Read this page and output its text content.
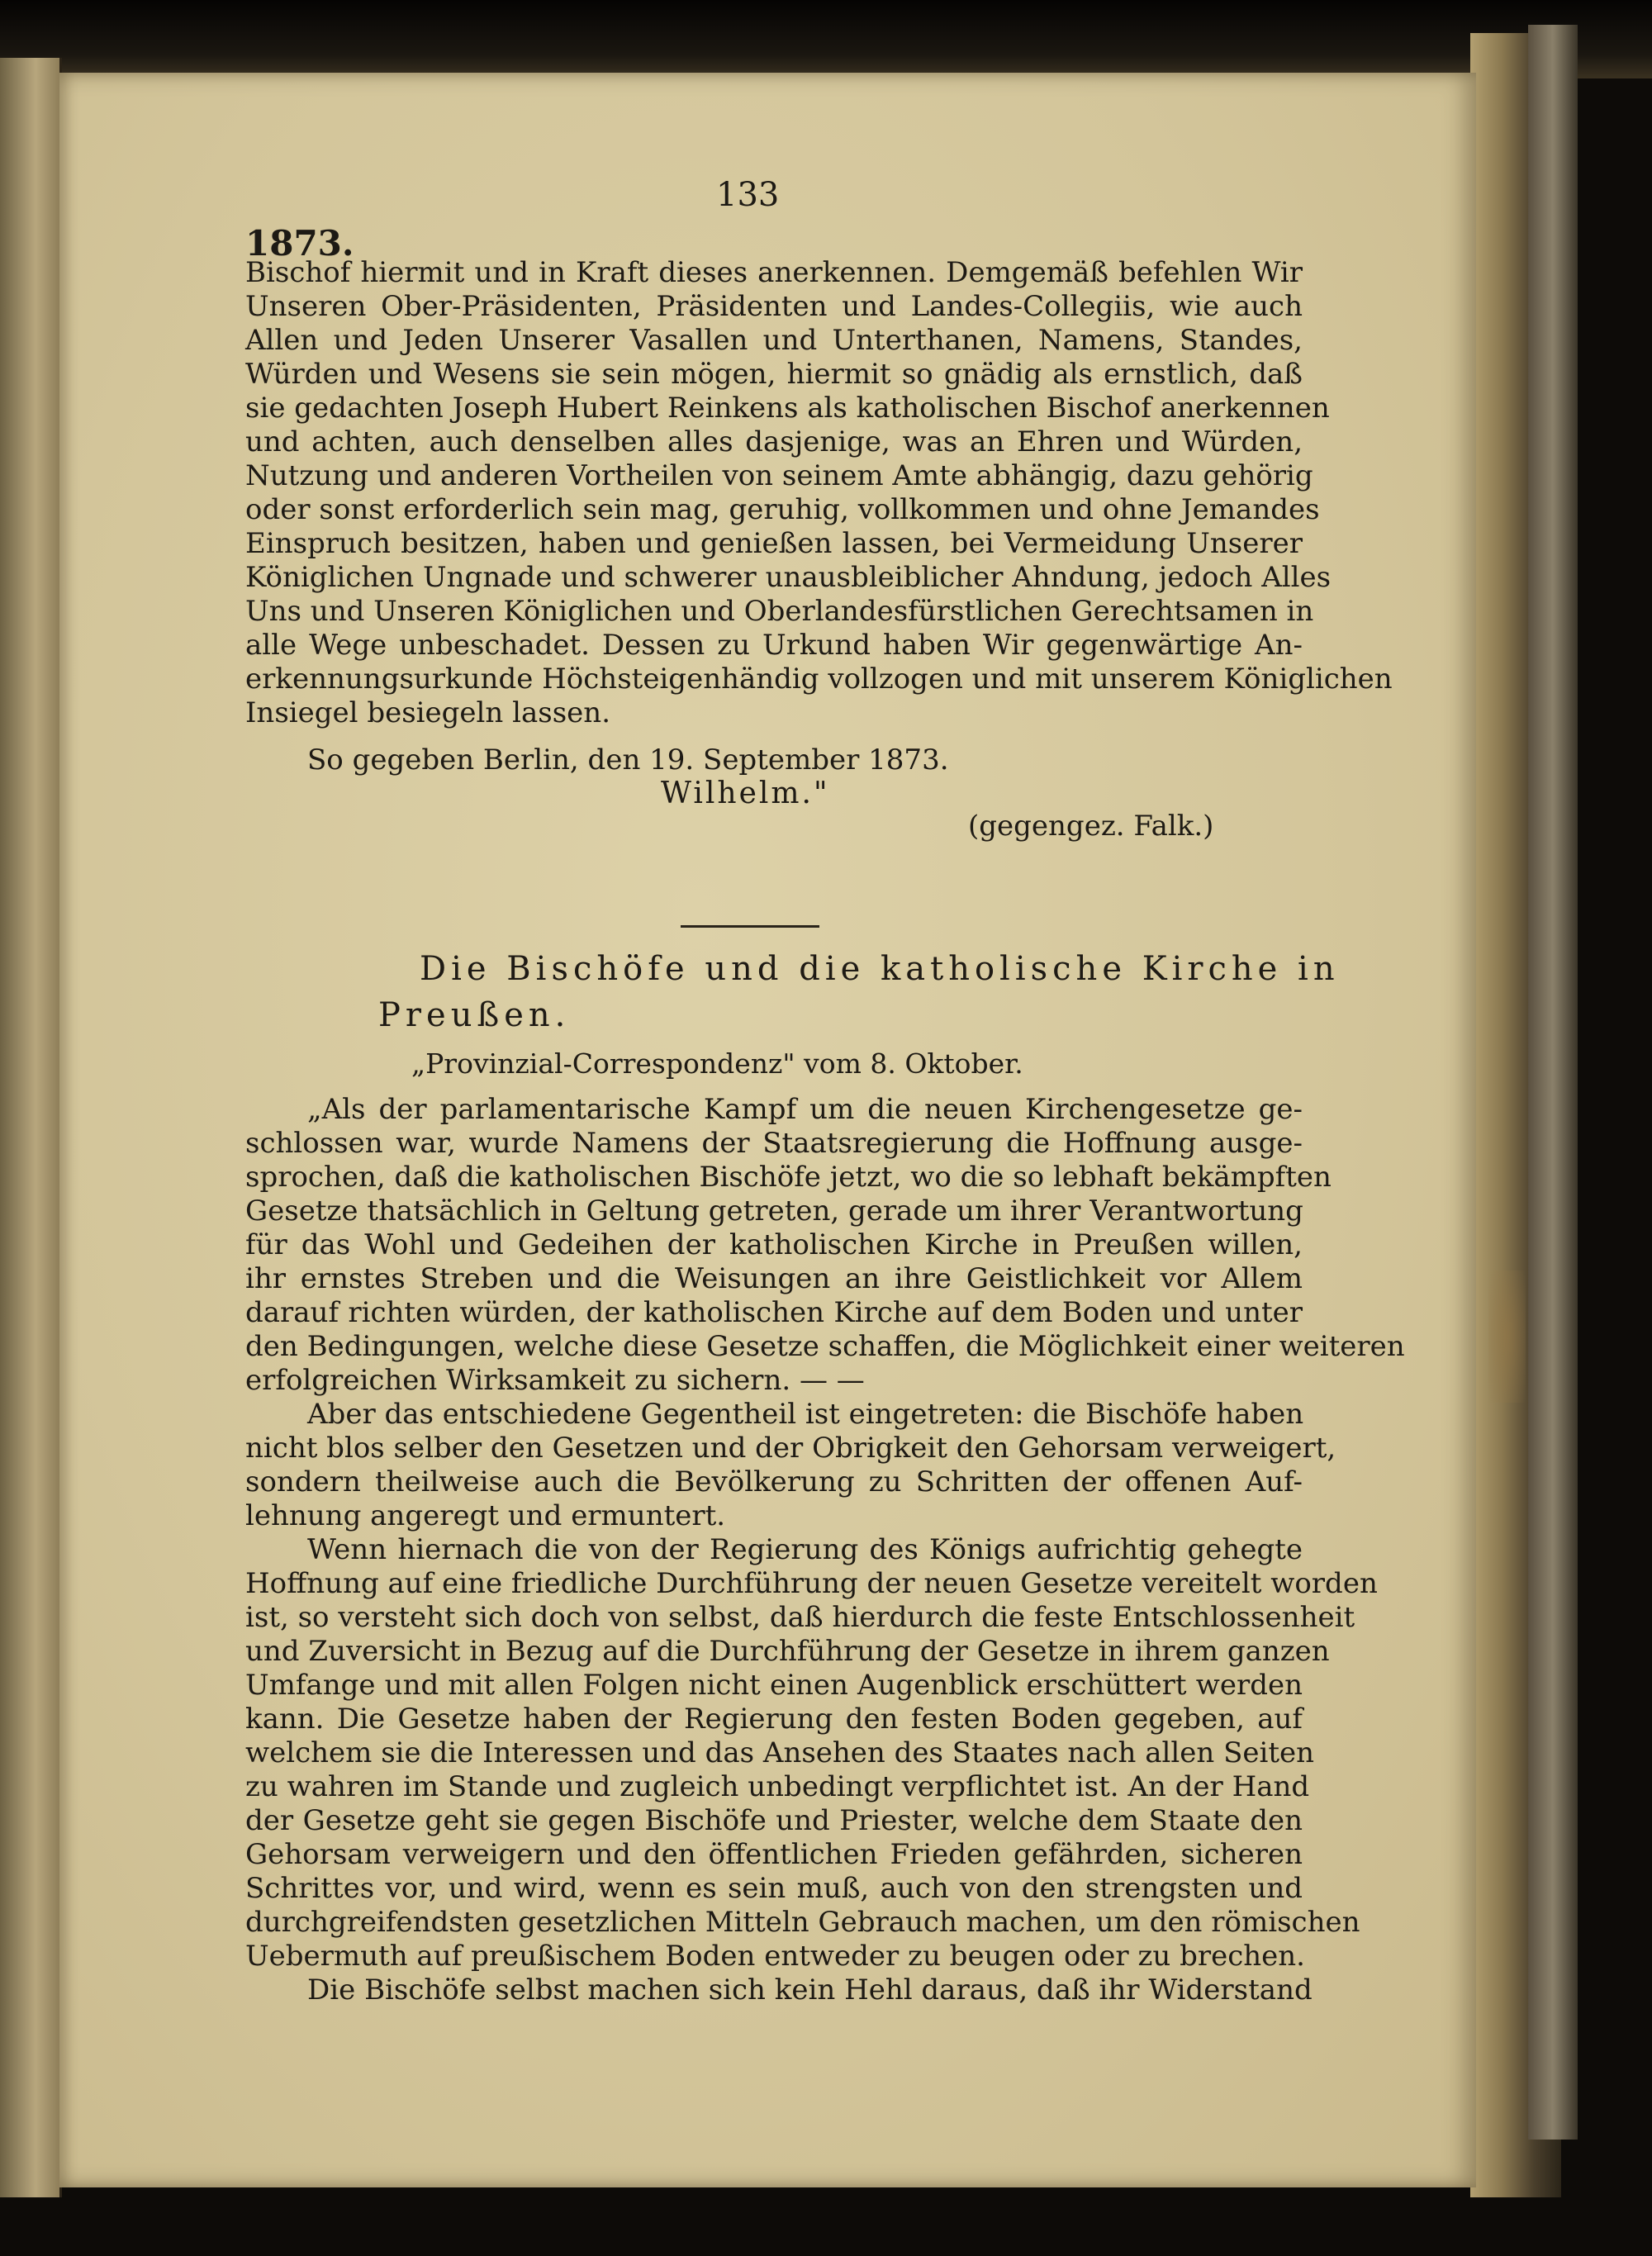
133
1873.
Bischof hiermit und in Kraft dieses anerkennen. Demgemäß befehlen Wir
Unseren Ober-Präsidenten, Präsidenten und Landes-Collegiis, wie auch
Allen und Jeden Unserer Vasallen und Unterthanen, Namens, Standes,
Würden und Wesens sie sein mögen, hiermit so gnädig als ernstlich, daß
sie gedachten Joseph Hubert Reinkens als katholischen Bischof anerkennen
und achten, auch denselben alles dasjenige, was an Ehren und Würden,
Nutzung und anderen Vortheilen von seinem Amte abhängig, dazu gehörig
oder sonst erforderlich sein mag, geruhig, vollkommen und ohne Jemandes
Einspruch besitzen, haben und genießen lassen, bei Vermeidung Unserer
Königlichen Ungnade und schwerer unausbleiblicher Ahndung, jedoch Alles
Uns und Unseren Königlichen und Oberlandesfürstlichen Gerechtsamen in
alle Wege unbeschadet. Dessen zu Urkund haben Wir gegenwärtige An-
erkennungsurkunde Höchsteigenhändig vollzogen und mit unserem Königlichen
Insiegel besiegeln lassen.
So gegeben Berlin, den 19. September 1873.
Wilhelm."
(gegengez. Falk.)
Die Bischöfe und die katholische Kirche in
Preußen.
„Provinzial-Correspondenz" vom 8. Oktober.
„Als der parlamentarische Kampf um die neuen Kirchengesetze ge-
schlossen war, wurde Namens der Staatsregierung die Hoffnung ausge-
sprochen, daß die katholischen Bischöfe jetzt, wo die so lebhaft bekämpften
Gesetze thatsächlich in Geltung getreten, gerade um ihrer Verantwortung
für das Wohl und Gedeihen der katholischen Kirche in Preußen willen,
ihr ernstes Streben und die Weisungen an ihre Geistlichkeit vor Allem
darauf richten würden, der katholischen Kirche auf dem Boden und unter
den Bedingungen, welche diese Gesetze schaffen, die Möglichkeit einer weiteren
erfolgreichen Wirksamkeit zu sichern. — —
Aber das entschiedene Gegentheil ist eingetreten: die Bischöfe haben
nicht blos selber den Gesetzen und der Obrigkeit den Gehorsam verweigert,
sondern theilweise auch die Bevölkerung zu Schritten der offenen Auf-
lehnung angeregt und ermuntert.
Wenn hiernach die von der Regierung des Königs aufrichtig gehegte
Hoffnung auf eine friedliche Durchführung der neuen Gesetze vereitelt worden
ist, so versteht sich doch von selbst, daß hierdurch die feste Entschlossenheit
und Zuversicht in Bezug auf die Durchführung der Gesetze in ihrem ganzen
Umfange und mit allen Folgen nicht einen Augenblick erschüttert werden
kann. Die Gesetze haben der Regierung den festen Boden gegeben, auf
welchem sie die Interessen und das Ansehen des Staates nach allen Seiten
zu wahren im Stande und zugleich unbedingt verpflichtet ist. An der Hand
der Gesetze geht sie gegen Bischöfe und Priester, welche dem Staate den
Gehorsam verweigern und den öffentlichen Frieden gefährden, sicheren
Schrittes vor, und wird, wenn es sein muß, auch von den strengsten und
durchgreifendsten gesetzlichen Mitteln Gebrauch machen, um den römischen
Uebermuth auf preußischem Boden entweder zu beugen oder zu brechen.
Die Bischöfe selbst machen sich kein Hehl daraus, daß ihr Widerstand
